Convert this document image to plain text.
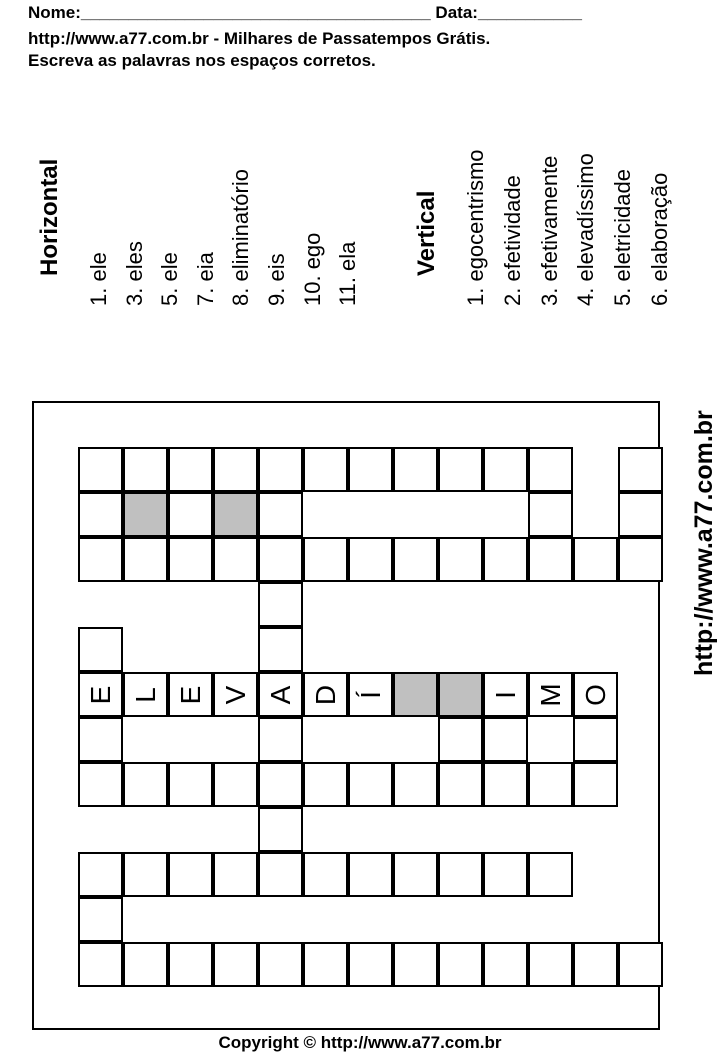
Nome:_____________________________________ Data:___________
http://www.a77.com.br - Milhares de Passatempos Grátis.
Escreva as palavras nos espaços corretos.
Horizontal
1. ele 3. eles 5. ele 7. eia 8. eliminatório 9. eis 10. ego 11. ela Vertical 1. egocentrismo 2. efetividade 3. efetivamente 4. elevadíssimo 5. eletricidade 6. elaboração
http://www.a77.com.br
E L E V A D Í	I M O
Copyright © http://www.a77.com.br
